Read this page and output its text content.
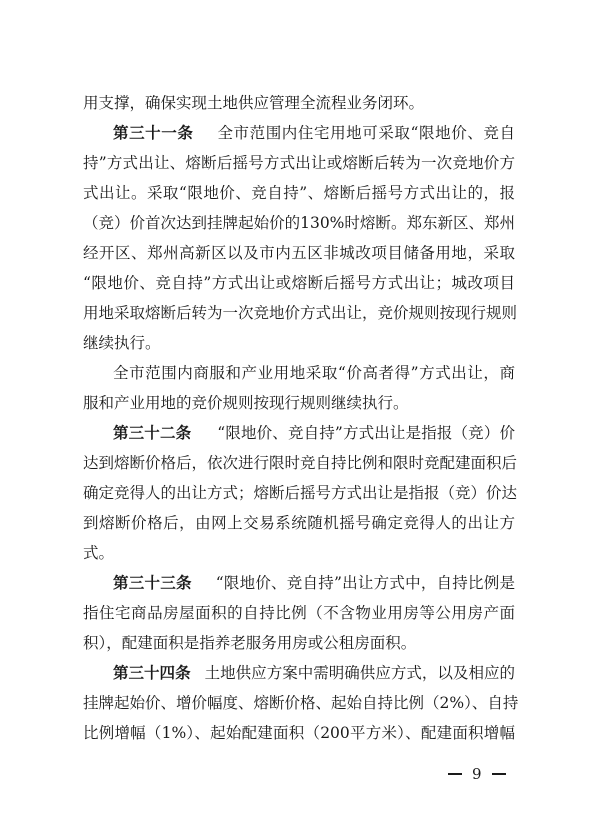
用支撑，确保实现土地供应管理全流程业务闭环。
第三十一条 全市范围内住宅用地可采取“限地价、竞自
持”方式出让、熔断后摇号方式出让或熔断后转为一次竞地价方
式出让。采取“限地价、竞自持”、熔断后摇号方式出让的，报
（竞）价首次达到挂牌起始价的130%时熔断。郑东新区、郑州
经开区、郑州高新区以及市内五区非城改项目储备用地，采取
“限地价、竞自持”方式出让或熔断后摇号方式出让；城改项目
用地采取熔断后转为一次竞地价方式出让，竞价规则按现行规则
继续执行。
全市范围内商服和产业用地采取“价高者得”方式出让，商
服和产业用地的竞价规则按现行规则继续执行。
第三十二条 “限地价、竞自持”方式出让是指报（竞）价
达到熔断价格后，依次进行限时竞自持比例和限时竞配建面积后
确定竞得人的出让方式；熔断后摇号方式出让是指报（竞）价达
到熔断价格后，由网上交易系统随机摇号确定竞得人的出让方
式。
第三十三条 “限地价、竞自持”出让方式中，自持比例是
指住宅商品房屋面积的自持比例（不含物业用房等公用房产面
积），配建面积是指养老服务用房或公租房面积。
第三十四条 土地供应方案中需明确供应方式，以及相应的
挂牌起始价、增价幅度、熔断价格、起始自持比例（2%）、自持
比例增幅（1%）、起始配建面积（200平方米）、配建面积增幅
9
